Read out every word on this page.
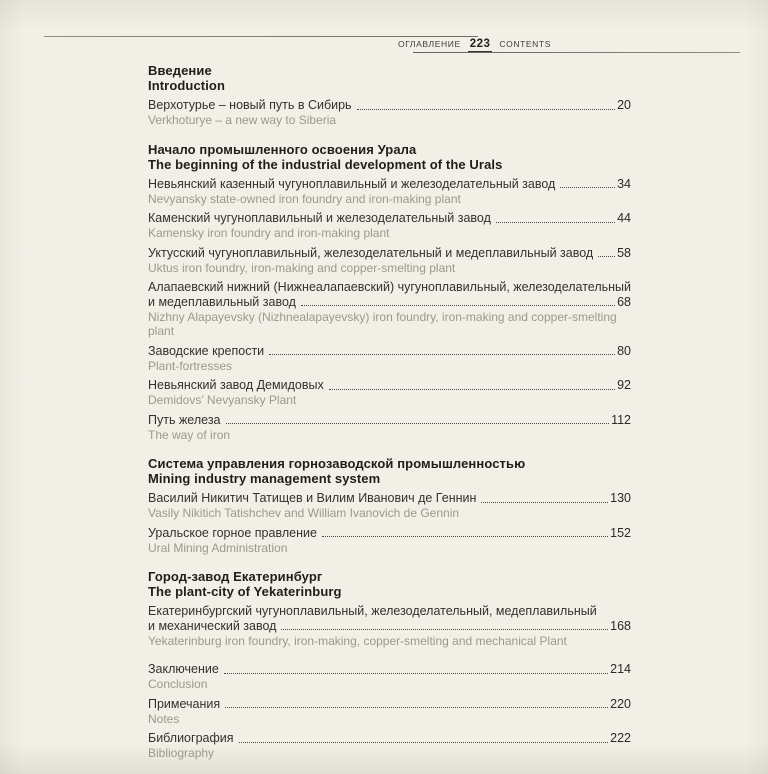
ОГЛАВЛЕНИЕ 223 CONTENTS
Введение
Introduction
Верхотурье – новый путь в Сибирь	20
Verkhoturye – a new way to Siberia
Начало промышленного освоения Урала
The beginning of the industrial development of the Urals
Невьянский казенный чугуноплавильный и железоделательный завод	34
Nevyansky state-owned iron foundry and iron-making plant
Каменский чугуноплавильный и железоделательный завод	44
Kamensky iron foundry and iron-making plant
Уктусский чугуноплавильный, железоделательный и медеплавильный завод 58
Uktus iron foundry, iron-making and copper-smelting plant
Алапаевский нижний (Нижнеалапаевский) чугуноплавильный, железоделательный
и медеплавильный завод	68
Nizhny Alapayevsky (Nizhnealapayevsky) iron foundry, iron-making and copper-smelting plant
Заводские крепости	80
Plant-fortresses
Невьянский завод Демидовых	92
Demidovs’ Nevyansky Plant
Путь железа	112
The way of iron
Система управления горнозаводской промышленностью
Mining industry management system
Василий Никитич Татищев и Вилим Иванович де Геннин	130
Vasily Nikitich Tatishchev and William Ivanovich de Gennin
Уральское горное правление	152
Ural Mining Administration
Город-завод Екатеринбург
The plant-city of Yekaterinburg
Екатеринбургский чугуноплавильный, железоделательный, медеплавильный
и механический завод	168
Yekaterinburg iron foundry, iron-making, copper-smelting and mechanical Plant
Заключение	214
Conclusion
Примечания	220
Notes
Библиография	222
Bibliography
